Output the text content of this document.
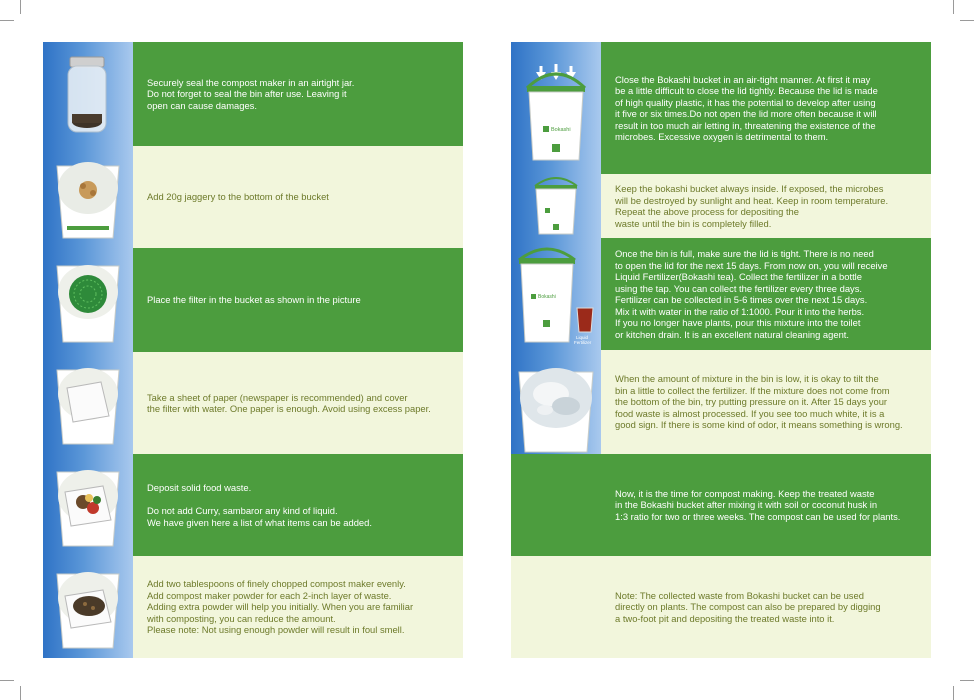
Securely seal the compost maker in an airtight jar.
Do not forget to seal the bin after use. Leaving it
open can cause damages.
Add 20g jaggery to the bottom of the bucket
Place the filter in the bucket as shown in the picture
Take a sheet of paper (newspaper is recommended) and cover
the filter with water. One paper is enough. Avoid using excess paper.
Deposit solid food waste.

Do not add Curry, sambaror any kind of liquid.
We have given here a list of what items can be added.
Add two tablespoons of finely chopped compost maker evenly.
Add compost maker powder for each 2-inch layer of waste.
Adding extra powder will help you initially. When you are familiar
with composting, you can reduce the amount.
Please note: Not using enough powder will result in foul smell.
Bokashi
Close the Bokashi bucket in an air-tight manner. At first it may
be a little difficult to close the lid tightly. Because the lid is made
of high quality plastic, it has the potential to develop after using
it five or six times.Do not open the lid more often because it will
result in too much air letting in, threatening the existence of the
microbes. Excessive oxygen is detrimental to them.
Keep the bokashi bucket always inside. If exposed, the microbes
will be destroyed by sunlight and heat. Keep in room temperature.
Repeat the above process for depositing the
waste until the bin is completely filled.
Bokashi
Liquid Fertilizer
Once the bin is full, make sure the lid is tight. There is no need
to open the lid for the next 15 days. From now on, you will receive
Liquid Fertilizer(Bokashi tea). Collect the fertilizer in a bottle
using the tap. You can collect the fertilizer every three days.
Fertilizer can be collected in 5-6 times over the next 15 days.
Mix it with water in the ratio of 1:1000. Pour it into the herbs.
If you no longer have plants, pour this mixture into the toilet
or kitchen drain. It is an excellent natural cleaning agent.
When the amount of mixture in the bin is low, it is okay to tilt the
bin a little to collect the fertilizer. If the mixture does not come from
the bottom of the bin, try putting pressure on it. After 15 days your
food waste is almost processed. If you see too much white, it is a
good sign. If there is some kind of odor, it means something is wrong.
Now, it is the time for compost making. Keep the treated waste
in the Bokashi bucket after mixing it with soil or coconut husk in
1:3 ratio for two or three weeks. The compost can be used for plants.
Note: The collected waste from Bokashi bucket can be used
directly on plants. The compost can also be prepared by digging
a two-foot pit and depositing the treated waste into it.
